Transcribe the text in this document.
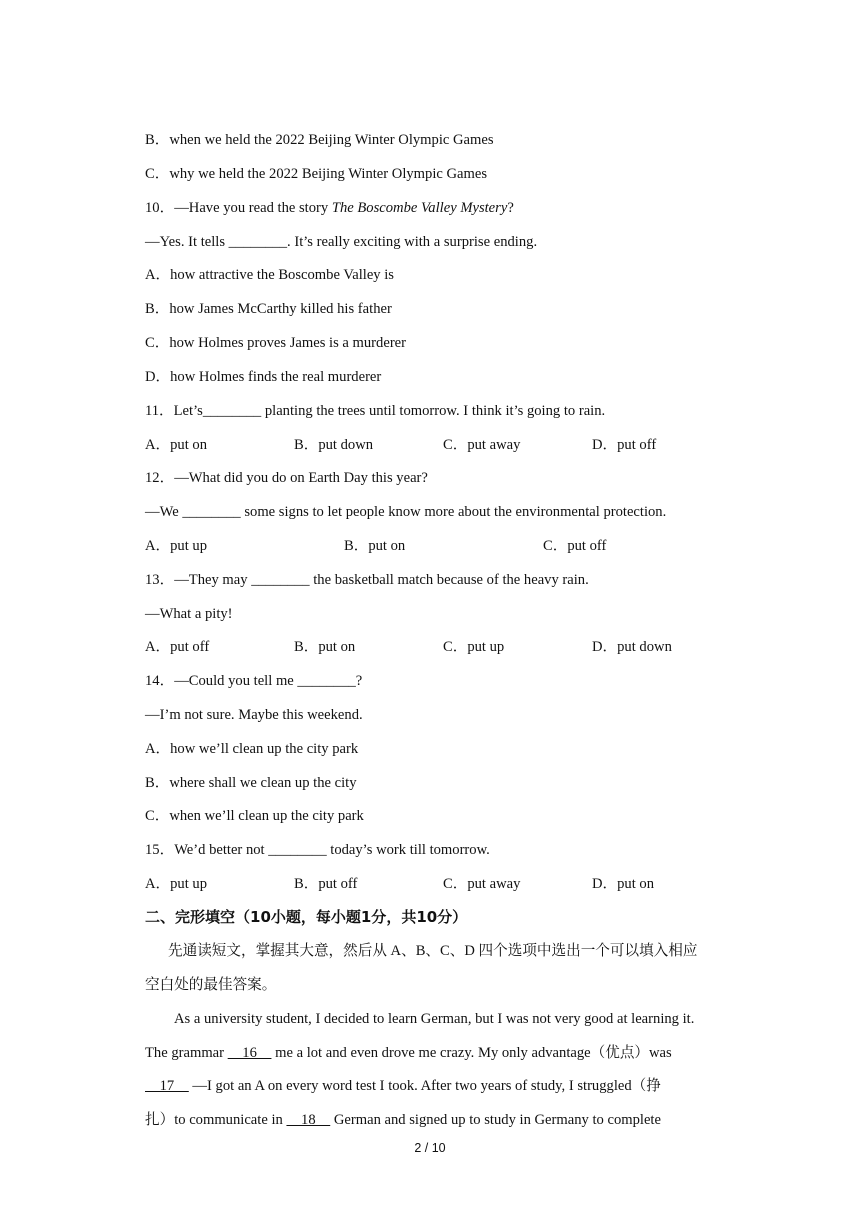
B．when we held the 2022 Beijing Winter Olympic Games
C．why we held the 2022 Beijing Winter Olympic Games
10．—Have you read the story The Boscombe Valley Mystery?
—Yes. It tells ________. It’s really exciting with a surprise ending.
A．how attractive the Boscombe Valley is
B．how James McCarthy killed his father
C．how Holmes proves James is a murderer
D．how Holmes finds the real murderer
11．Let’s________ planting the trees until tomorrow. I think it’s going to rain.
A．put on	B．put down	C．put away	D．put off
12．—What did you do on Earth Day this year?
—We ________ some signs to let people know more about the environmental protection.
A．put up	B．put on	C．put off
13．—They may ________ the basketball match because of the heavy rain.
—What a pity!
A．put off	B．put on	C．put up	D．put down
14．—Could you tell me ________?
—I’m not sure. Maybe this weekend.
A．how we’ll clean up the city park
B．where shall we clean up the city
C．when we’ll clean up the city park
15．We’d better not ________ today’s work till tomorrow.
A．put up	B．put off	C．put away	D．put on
二、完形填空（10小题，每小题1分，共10分）
先通读短文，掌握其大意，然后从 A、B、C、D 四个选项中选出一个可以填入相应
空白处的最佳答案。
As a university student, I decided to learn German, but I was not very good at learning it.
The grammar     16     me a lot and even drove me crazy. My only advantage（优点）was
17     —I got an A on every word test I took. After two years of study, I struggled（挣
扎）to communicate in     18     German and signed up to study in Germany to complete
2 / 10
